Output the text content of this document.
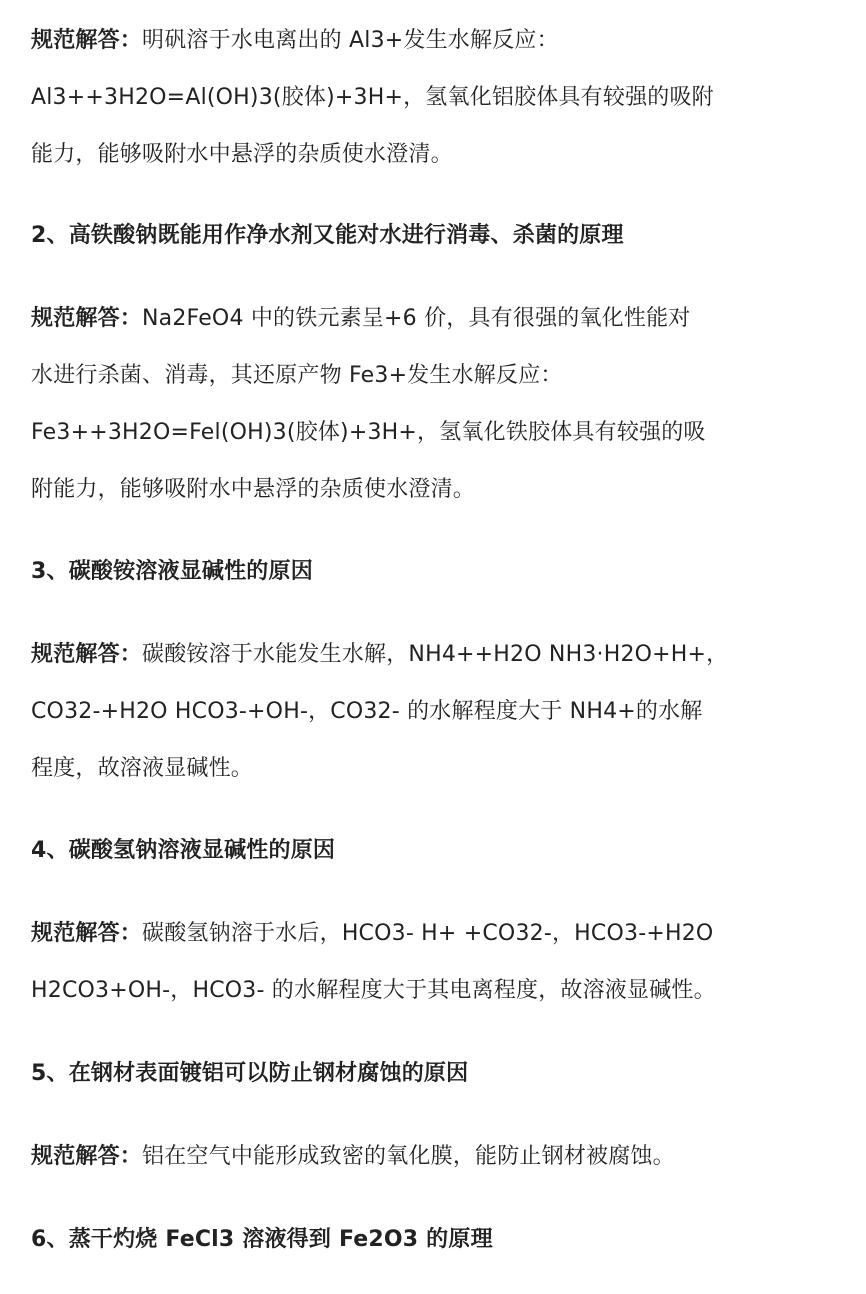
规范解答：明矾溶于水电离出的 Al3+发生水解反应：
Al3++3H2O=Al(OH)3(胶体)+3H+，氢氧化铝胶体具有较强的吸附
能力，能够吸附水中悬浮的杂质使水澄清。
2、高铁酸钠既能用作净水剂又能对水进行消毒、杀菌的原理
规范解答：Na2FeO4 中的铁元素呈+6 价，具有很强的氧化性能对
水进行杀菌、消毒，其还原产物 Fe3+发生水解反应：
Fe3++3H2O=Fel(OH)3(胶体)+3H+，氢氧化铁胶体具有较强的吸
附能力，能够吸附水中悬浮的杂质使水澄清。
3、碳酸铵溶液显碱性的原因
规范解答：碳酸铵溶于水能发生水解，NH4++H2O NH3·H2O+H+，
CO32-+H2O HCO3-+OH-，CO32- 的水解程度大于 NH4+的水解
程度，故溶液显碱性。
4、碳酸氢钠溶液显碱性的原因
规范解答：碳酸氢钠溶于水后，HCO3- H+ +CO32-，HCO3-+H2O
H2CO3+OH-，HCO3- 的水解程度大于其电离程度，故溶液显碱性。
5、在钢材表面镀铝可以防止钢材腐蚀的原因
规范解答：铝在空气中能形成致密的氧化膜，能防止钢材被腐蚀。
6、蒸干灼烧 FeCl3 溶液得到 Fe2O3 的原理
